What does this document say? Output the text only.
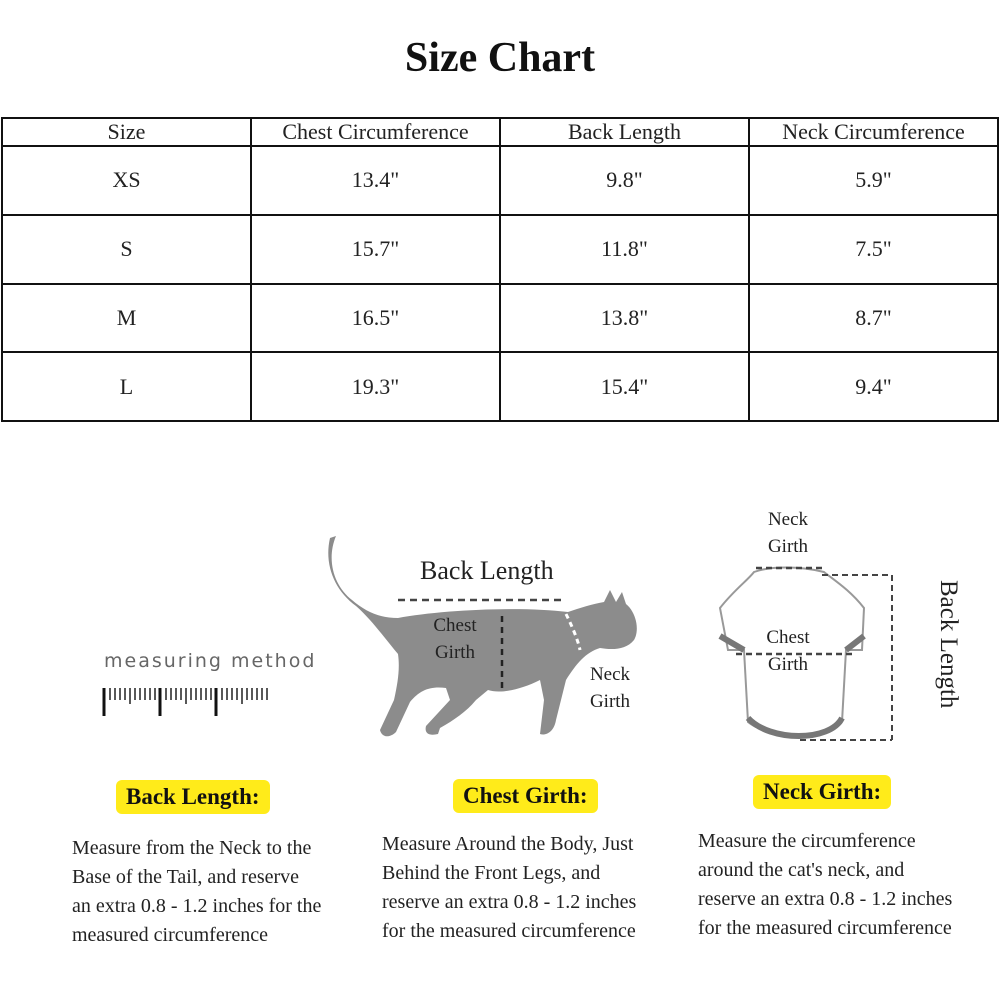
Size Chart
Size	Chest Circumference	Back Length	Neck Circumference
XS	13.4"	9.8"	5.9"
S	15.7"	11.8"	7.5"
M	16.5"	13.8"	8.7"
L	19.3"	15.4"	9.4"
measuring method
Back Length
Chest
Girth
Neck
Girth
Neck
Girth
Chest
Girth	Back Length
Back Length:	Chest Girth:	Neck Girth:
Measure from the Neck to the
Base of the Tail, and reserve
an extra 0.8 - 1.2 inches for the
measured circumference
Measure Around the Body, Just
Behind the Front Legs, and
reserve an extra 0.8 - 1.2 inches
for the measured circumference
Measure the circumference
around the cat's neck, and
reserve an extra 0.8 - 1.2 inches
for the measured circumference
